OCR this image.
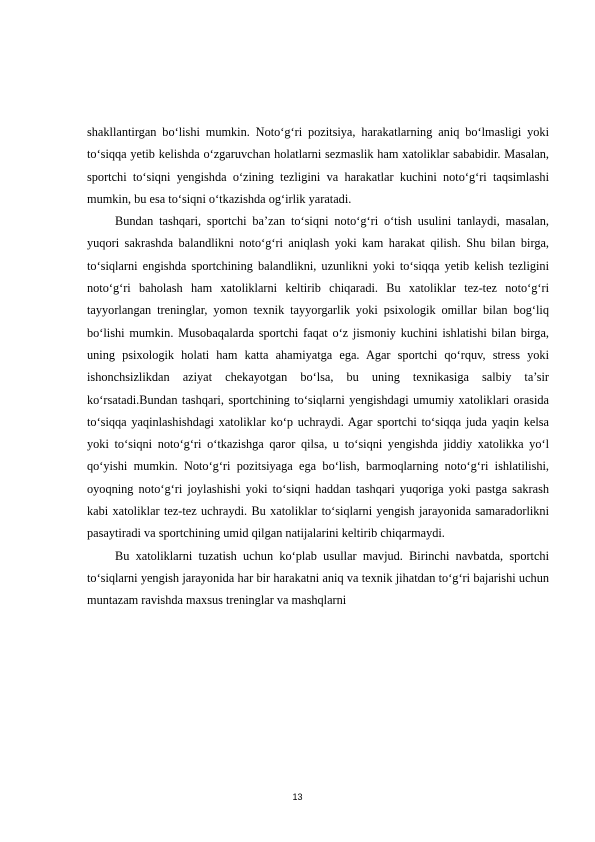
shakllantirgan bo‘lishi mumkin. Noto‘g‘ri pozitsiya, harakatlarning aniq bo‘lmasligi yoki to‘siqqa yetib kelishda o‘zgaruvchan holatlarni sezmaslik ham xatoliklar sababidir. Masalan, sportchi to‘siqni yengishda o‘zining tezligini va harakatlar kuchini noto‘g‘ri taqsimlashi mumkin, bu esa to‘siqni o‘tkazishda og‘irlik yaratadi.

Bundan tashqari, sportchi ba’zan to‘siqni noto‘g‘ri o‘tish usulini tanlaydi, masalan, yuqori sakrashda balandlikni noto‘g‘ri aniqlash yoki kam harakat qilish. Shu bilan birga, to‘siqlarni engishda sportchining balandlikni, uzunlikni yoki to‘siqqa yetib kelish tezligini noto‘g‘ri baholash ham xatoliklarni keltirib chiqaradi. Bu xatoliklar tez-tez noto‘g‘ri tayyorlangan treninglar, yomon texnik tayyorgarlik yoki psixologik omillar bilan bog‘liq bo‘lishi mumkin. Musobaqalarda sportchi faqat o‘z jismoniy kuchini ishlatishi bilan birga, uning psixologik holati ham katta ahamiyatga ega. Agar sportchi qo‘rquv, stress yoki ishonchsizlikdan aziyat chekayotgan bo‘lsa, bu uning texnikasiga salbiy ta’sir ko‘rsatadi.Bundan tashqari, sportchining to‘siqlarni yengishdagi umumiy xatoliklari orasida to‘siqqa yaqinlashishdagi xatoliklar ko‘p uchraydi. Agar sportchi to‘siqqa juda yaqin kelsa yoki to‘siqni noto‘g‘ri o‘tkazishga qaror qilsa, u to‘siqni yengishda jiddiy xatolikka yo‘l qo‘yishi mumkin. Noto‘g‘ri pozitsiyaga ega bo‘lish, barmoqlarning noto‘g‘ri ishlatilishi, oyoqning noto‘g‘ri joylashishi yoki to‘siqni haddan tashqari yuqoriga yoki pastga sakrash kabi xatoliklar tez-tez uchraydi. Bu xatoliklar to‘siqlarni yengish jarayonida samaradorlikni pasaytiradi va sportchining umid qilgan natijalarini keltirib chiqarmaydi.

Bu xatoliklarni tuzatish uchun ko‘plab usullar mavjud. Birinchi navbatda, sportchi to‘siqlarni yengish jarayonida har bir harakatni aniq va texnik jihatdan to‘g‘ri bajarishi uchun muntazam ravishda maxsus treninglar va mashqlarni

13
